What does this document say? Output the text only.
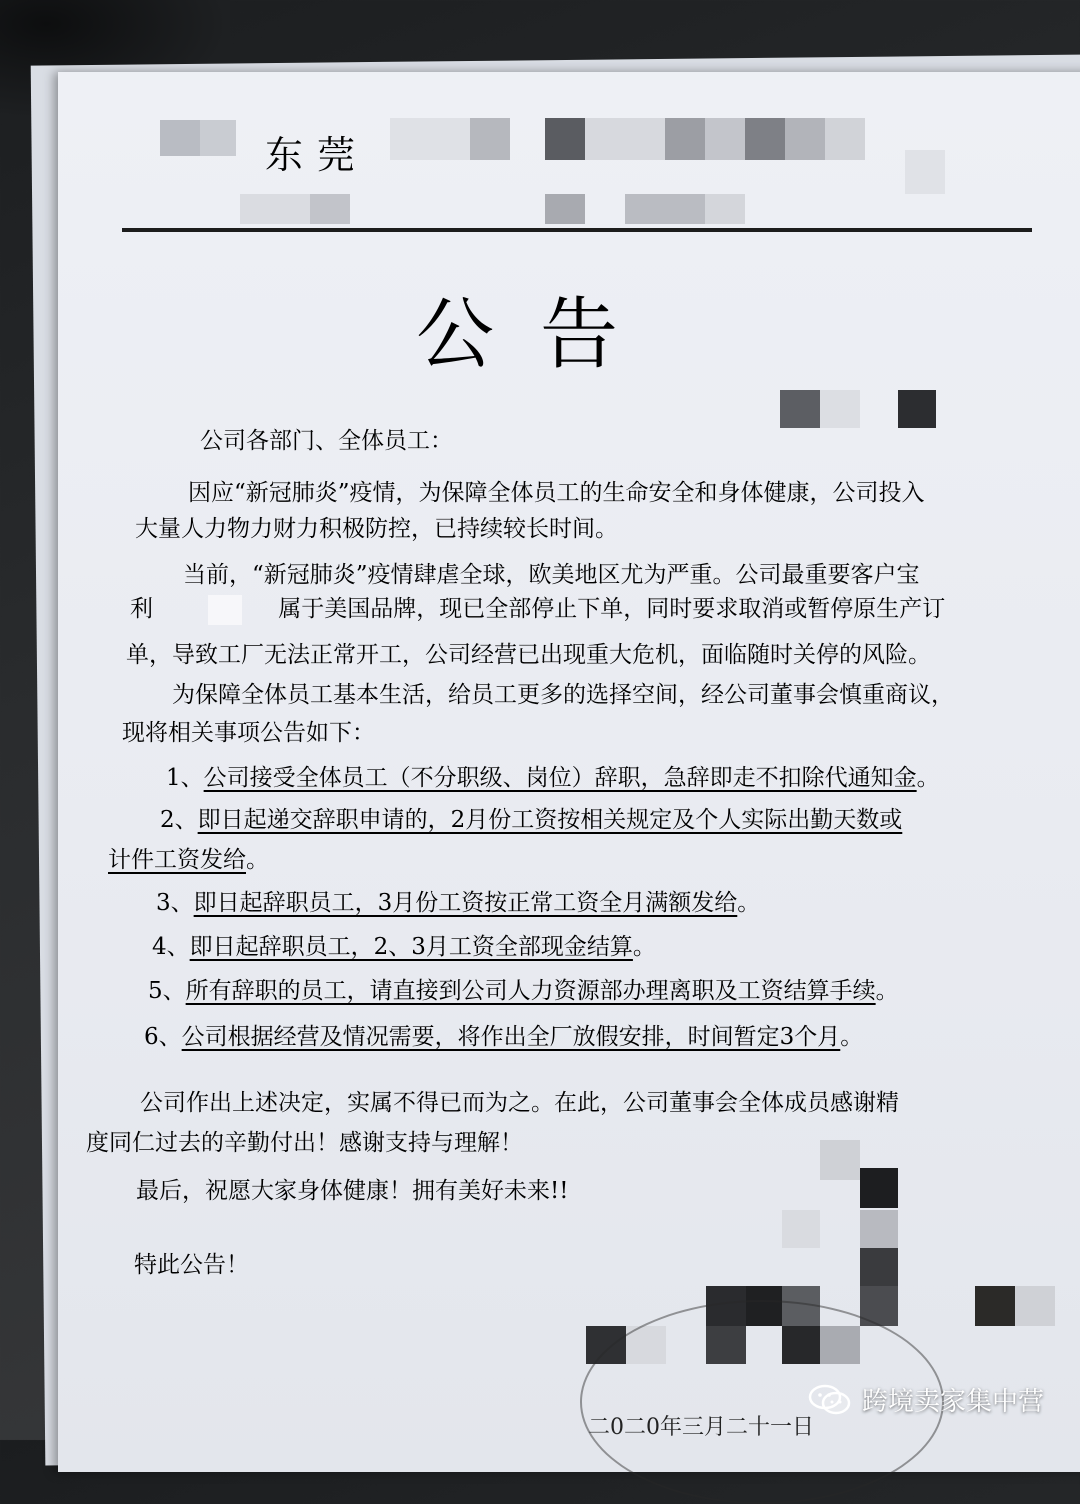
东莞
公告
公司各部门、全体员工：
因应“新冠肺炎”疫情，为保障全体员工的生命安全和身体健康，公司投入
大量人力物力财力积极防控，已持续较长时间。
当前，“新冠肺炎”疫情肆虐全球，欧美地区尤为严重。公司最重要客户宝
利	属于美国品牌，现已全部停止下单，同时要求取消或暂停原生产订
单，导致工厂无法正常开工，公司经营已出现重大危机，面临随时关停的风险。
为保障全体员工基本生活，给员工更多的选择空间，经公司董事会慎重商议，
现将相关事项公告如下：
1、公司接受全体员工（不分职级、岗位）辞职，急辞即走不扣除代通知金。
2、即日起递交辞职申请的，2月份工资按相关规定及个人实际出勤天数或
计件工资发给。
3、即日起辞职员工，3月份工资按正常工资全月满额发给。
4、即日起辞职员工，2、3月工资全部现金结算。
5、所有辞职的员工，请直接到公司人力资源部办理离职及工资结算手续。
6、公司根据经营及情况需要，将作出全厂放假安排，时间暂定3个月。
公司作出上述决定，实属不得已而为之。在此，公司董事会全体成员感谢精
度同仁过去的辛勤付出！感谢支持与理解！
最后，祝愿大家身体健康！拥有美好未来!!
特此公告！
二0二0年三月二十一日
跨境卖家集中营
